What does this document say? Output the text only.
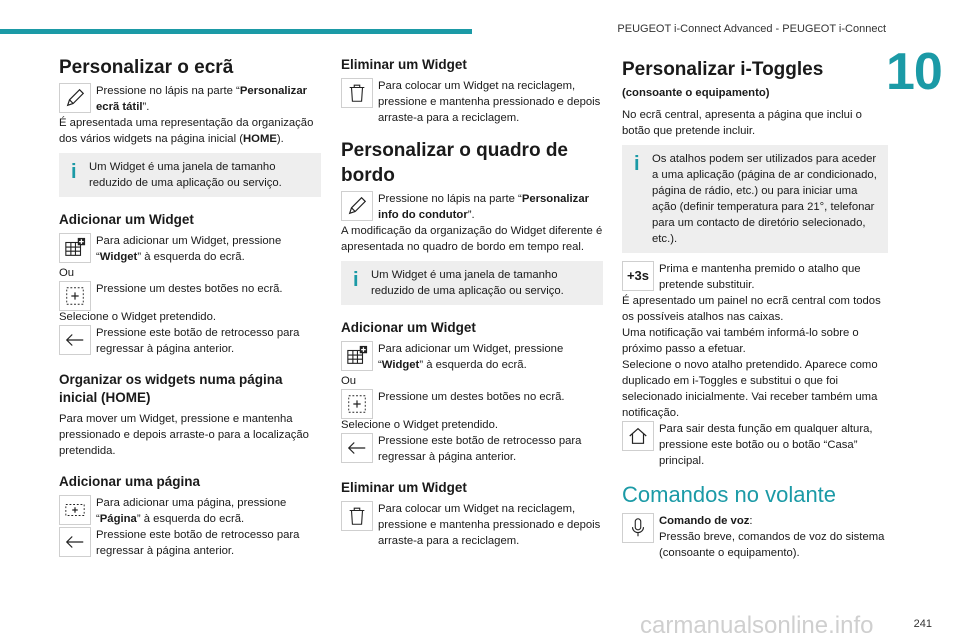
PEUGEOT i-Connect Advanced - PEUGEOT i-Connect
10
Personalizar o ecrã

Pressione no lápis na parte “Personalizar ecrã tátil”.

É apresentada uma representação da organização dos vários widgets na página inicial (HOME).

i Um Widget é uma janela de tamanho reduzido de uma aplicação ou serviço.

Adicionar um Widget

Para adicionar um Widget, pressione “Widget” à esquerda do ecrã.

Ou

Pressione um destes botões no ecrã.

Selecione o Widget pretendido.

Pressione este botão de retrocesso para regressar à página anterior.

Organizar os widgets numa página inicial (HOME)

Para mover um Widget, pressione e mantenha pressionado e depois arraste-o para a localização pretendida.

Adicionar uma página

Para adicionar uma página, pressione “Página” à esquerda do ecrã.

Pressione este botão de retrocesso para regressar à página anterior.

Eliminar um Widget

Para colocar um Widget na reciclagem, pressione e mantenha pressionado e depois arraste-a para a reciclagem.

Personalizar o quadro de bordo

Pressione no lápis na parte “Personalizar info do condutor”.

A modificação da organização do Widget diferente é apresentada no quadro de bordo em tempo real.

i Um Widget é uma janela de tamanho reduzido de uma aplicação ou serviço.

Adicionar um Widget

Para adicionar um Widget, pressione “Widget” à esquerda do ecrã.

Ou

Pressione um destes botões no ecrã.

Selecione o Widget pretendido.

Pressione este botão de retrocesso para regressar à página anterior.

Eliminar um Widget

Para colocar um Widget na reciclagem, pressione e mantenha pressionado e depois arraste-a para a reciclagem.

Personalizar i-Toggles

(consoante o equipamento)

No ecrã central, apresenta a página que inclui o botão que pretende incluir.

i Os atalhos podem ser utilizados para aceder a uma aplicação (página de ar condicionado, página de rádio, etc.) ou para iniciar uma ação (definir temperatura para 21°, telefonar para um contacto de diretório selecionado, etc.).

+3s Prima e mantenha premido o atalho que pretende substituir.

É apresentado um painel no ecrã central com todos os possíveis atalhos nas caixas.

Uma notificação vai também informá-lo sobre o próximo passo a efetuar.

Selecione o novo atalho pretendido. Aparece como duplicado em i-Toggles e substitui o que foi selecionado inicialmente. Vai receber também uma notificação.

Para sair desta função em qualquer altura, pressione este botão ou o botão “Casa” principal.

Comandos no volante

Comando de voz:
Pressão breve, comandos de voz do sistema (consoante o equipamento).

carmanualsonline.info	241
